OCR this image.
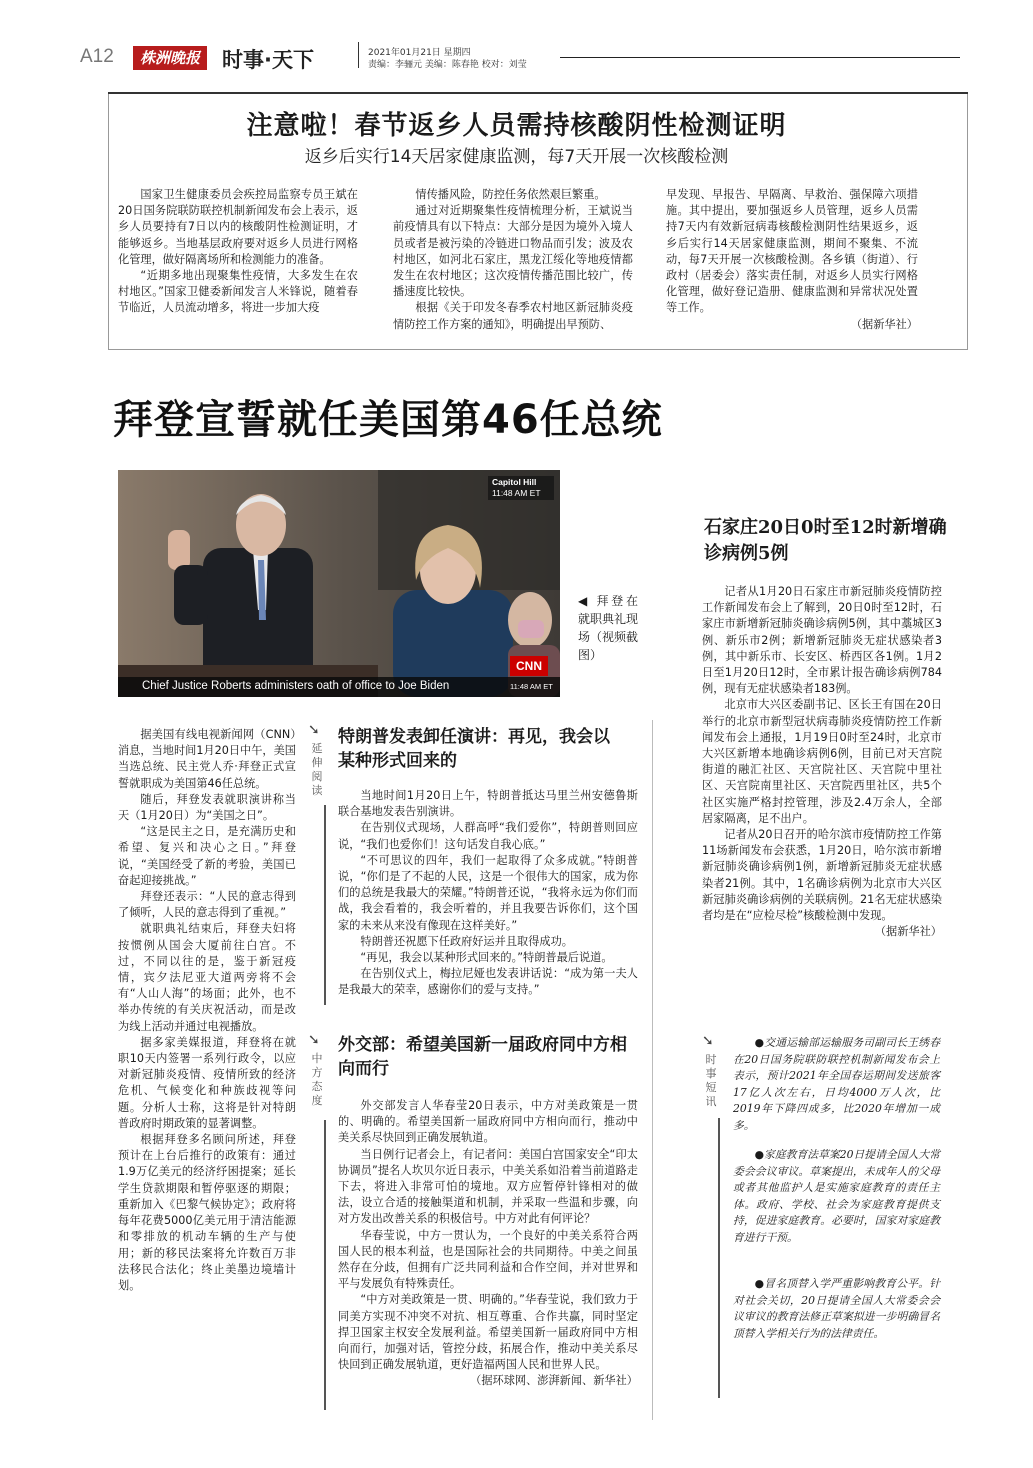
A12	株洲晚报	时事·天下	2021年01月21日 星期四
责编：李骊元 美编：陈春艳 校对：刘莹
注意啦！春节返乡人员需持核酸阴性检测证明
返乡后实行14天居家健康监测，每7天开展一次核酸检测

国家卫生健康委员会疾控局监察专员王斌在20日国务院联防联控机制新闻发布会上表示，返乡人员要持有7日以内的核酸阴性检测证明，才能够返乡。当地基层政府要对返乡人员进行网格化管理，做好隔离场所和检测能力的准备。

“近期多地出现聚集性疫情，大多发生在农村地区。”国家卫健委新闻发言人米锋说，随着春节临近，人员流动增多，将进一步加大疫

情传播风险，防控任务依然艰巨繁重。

通过对近期聚集性疫情梳理分析，王斌说当前疫情具有以下特点：大部分是因为境外入境人员或者是被污染的冷链进口物品而引发；波及农村地区，如河北石家庄，黑龙江绥化等地疫情都发生在农村地区；这次疫情传播范围比较广，传播速度比较快。

根据《关于印发冬春季农村地区新冠肺炎疫情防控工作方案的通知》，明确提出早预防、

早发现、早报告、早隔离、早救治、强保障六项措施。其中提出，要加强返乡人员管理，返乡人员需持7天内有效新冠病毒核酸检测阴性结果返乡，返乡后实行14天居家健康监测，期间不聚集、不流动，每7天开展一次核酸检测。各乡镇（街道）、行政村（居委会）落实责任制，对返乡人员实行网格化管理，做好登记造册、健康监测和异常状况处置等工作。

（据新华社）

拜登宣誓就任美国第46任总统
Capitol Hill
11:48 AM ET
CNN
Chief Justice Roberts administers oath of office to Joe Biden	11:48 AM ET
◀ 拜登在就职典礼现场（视频截图）

据美国有线电视新闻网（CNN）消息，当地时间1月20日中午，美国当选总统、民主党人乔·拜登正式宣誓就职成为美国第46任总统。

随后，拜登发表就职演讲称当天（1月20日）为“美国之日”。

“这是民主之日，是充满历史和希望、复兴和决心之日。”拜登说，“美国经受了新的考验，美国已奋起迎接挑战。”

拜登还表示：“人民的意志得到了倾听，人民的意志得到了重视。”

就职典礼结束后，拜登夫妇将按惯例从国会大厦前往白宫。不过，不同以往的是，鉴于新冠疫情，宾夕法尼亚大道两旁将不会有“人山人海”的场面；此外，也不举办传统的有关庆祝活动，而是改为线上活动并通过电视播放。

据多家美媒报道，拜登将在就职10天内签署一系列行政令，以应对新冠肺炎疫情、疫情所致的经济危机、气候变化和种族歧视等问题。分析人士称，这将是针对特朗普政府时期政策的显著调整。

根据拜登多名顾问所述，拜登预计在上台后推行的政策有：通过1.9万亿美元的经济纾困提案；延长学生贷款期限和暂停驱逐的期限；重新加入《巴黎气候协定》；政府将每年花费5000亿美元用于清洁能源和零排放的机动车辆的生产与使用；新的移民法案将允许数百万非法移民合法化；终止美墨边境墙计划。

➘
延伸阅读
➘
中方态度
特朗普发表卸任演讲：再见，我会以某种形式回来的

当地时间1月20日上午，特朗普抵达马里兰州安德鲁斯联合基地发表告别演讲。

在告别仪式现场，人群高呼“我们爱你”，特朗普则回应说，“我们也爱你们！这句话发自我心底。”

“不可思议的四年，我们一起取得了众多成就。”特朗普说，“你们是了不起的人民，这是一个很伟大的国家，成为你们的总统是我最大的荣耀。”特朗普还说，“我将永远为你们而战，我会看着的，我会听着的，并且我要告诉你们，这个国家的未来从来没有像现在这样美好。”

特朗普还祝愿下任政府好运并且取得成功。

“再见，我会以某种形式回来的。”特朗普最后说道。

在告别仪式上，梅拉尼娅也发表讲话说：“成为第一夫人是我最大的荣幸，感谢你们的爱与支持。”

外交部：希望美国新一届政府同中方相向而行

外交部发言人华春莹20日表示，中方对美政策是一贯的、明确的。希望美国新一届政府同中方相向而行，推动中美关系尽快回到正确发展轨道。

当日例行记者会上，有记者问：美国白宫国家安全“印太协调员”提名人坎贝尔近日表示，中美关系如沿着当前道路走下去，将进入非常可怕的境地。双方应暂停针锋相对的做法，设立合适的接触渠道和机制，并采取一些温和步骤，向对方发出改善关系的积极信号。中方对此有何评论？

华春莹说，中方一贯认为，一个良好的中美关系符合两国人民的根本利益，也是国际社会的共同期待。中美之间虽然存在分歧，但拥有广泛共同利益和合作空间，并对世界和平与发展负有特殊责任。

“中方对美政策是一贯、明确的。”华春莹说，我们致力于同美方实现不冲突不对抗、相互尊重、合作共赢，同时坚定捍卫国家主权安全发展利益。希望美国新一届政府同中方相向而行，加强对话，管控分歧，拓展合作，推动中美关系尽快回到正确发展轨道，更好造福两国人民和世界人民。

（据环球网、澎湃新闻、新华社）

石家庄20日0时至12时新增确诊病例5例

记者从1月20日石家庄市新冠肺炎疫情防控工作新闻发布会上了解到，20日0时至12时，石家庄市新增新冠肺炎确诊病例5例，其中藁城区3例、新乐市2例；新增新冠肺炎无症状感染者3例，其中新乐市、长安区、桥西区各1例。1月2日至1月20日12时，全市累计报告确诊病例784例，现有无症状感染者183例。

北京市大兴区委副书记、区长王有国在20日举行的北京市新型冠状病毒肺炎疫情防控工作新闻发布会上通报，1月19日0时至24时，北京市大兴区新增本地确诊病例6例，目前已对天宫院街道的融汇社区、天宫院社区、天宫院中里社区、天宫院南里社区、天宫院西里社区，共5个社区实施严格封控管理，涉及2.4万余人，全部居家隔离，足不出户。

记者从20日召开的哈尔滨市疫情防控工作第11场新闻发布会获悉，1月20日，哈尔滨市新增新冠肺炎确诊病例1例，新增新冠肺炎无症状感染者21例。其中，1名确诊病例为北京市大兴区新冠肺炎确诊病例的关联病例。21名无症状感染者均是在“应检尽检”核酸检测中发现。

（据新华社）

➘
时事短讯
●交通运输部运输服务司副司长王绣春在20日国务院联防联控机制新闻发布会上表示，预计2021年全国春运期间发送旅客17亿人次左右，日均4000万人次，比2019年下降四成多，比2020年增加一成多。
●家庭教育法草案20日提请全国人大常委会会议审议。草案提出，未成年人的父母或者其他监护人是实施家庭教育的责任主体。政府、学校、社会为家庭教育提供支持，促进家庭教育。必要时，国家对家庭教育进行干预。
●冒名顶替入学严重影响教育公平。针对社会关切，20日提请全国人大常委会会议审议的教育法修正草案拟进一步明确冒名顶替入学相关行为的法律责任。
